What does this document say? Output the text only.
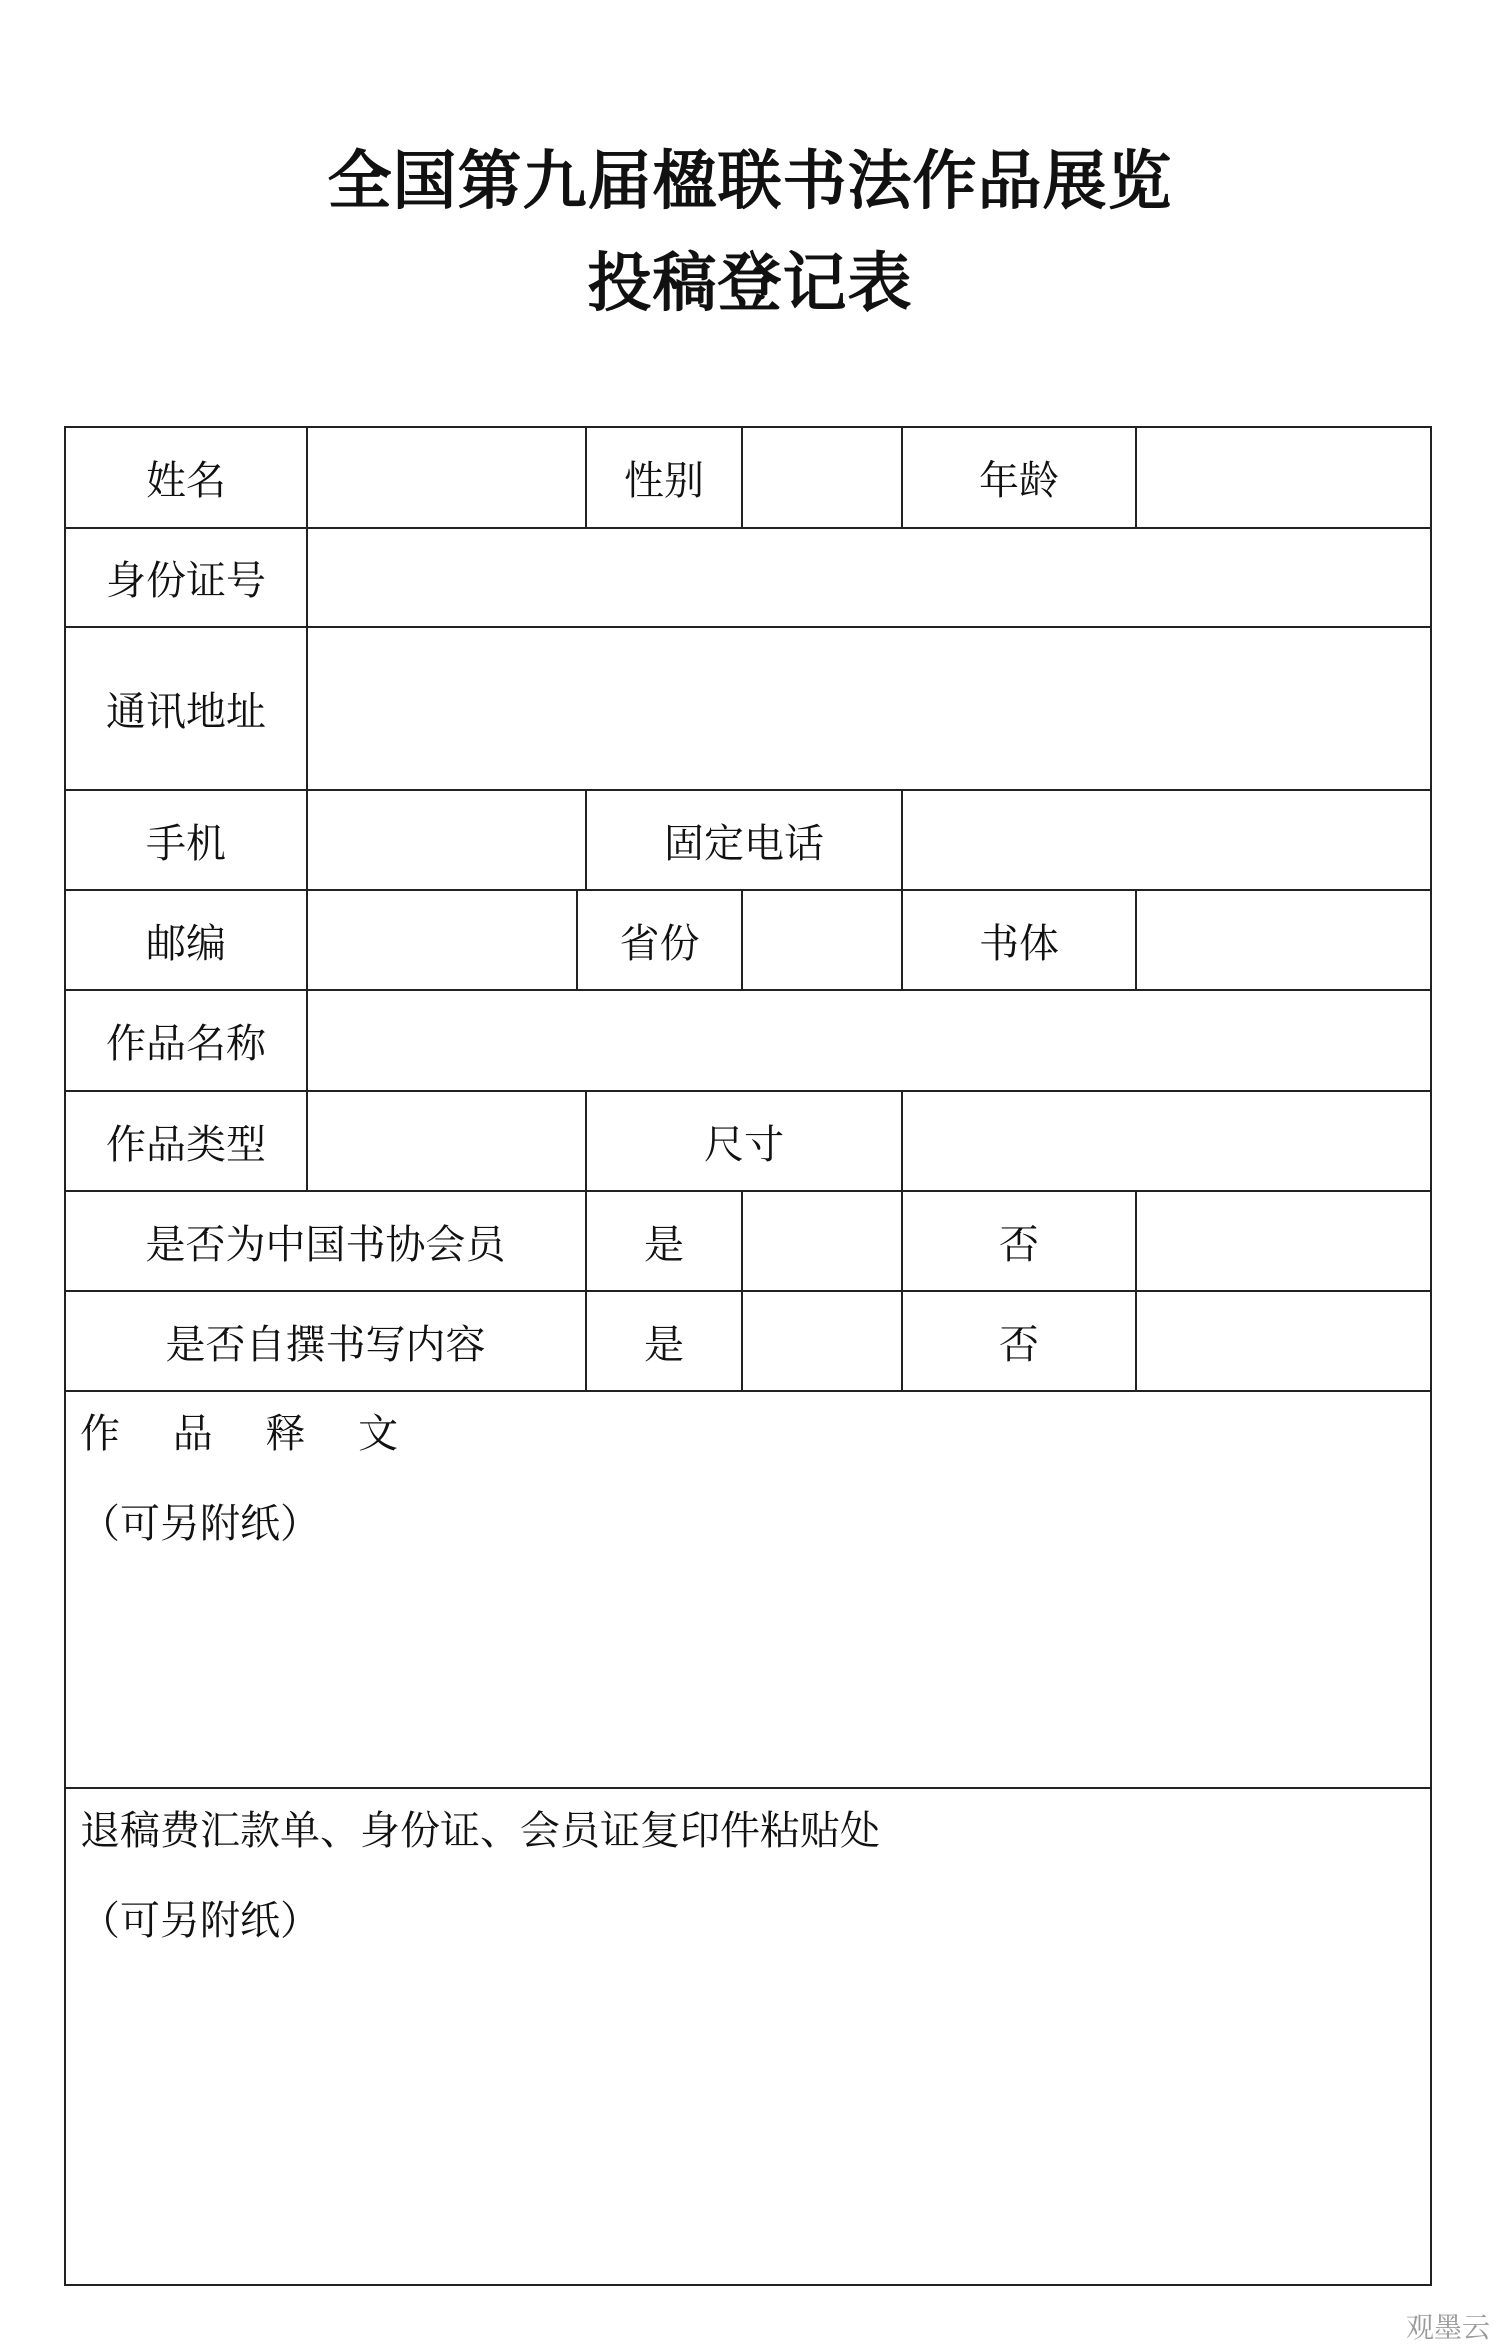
全国第九届楹联书法作品展览
投稿登记表
姓名			性别		年龄	
身份证号						
通讯地址						
手机			固定电话			
邮编		省份			书体	
作品名称						
作品类型			尺寸			
是否为中国书协会员			是		否	
是否自撰书写内容			是		否	

作 品 释 文
（可另附纸）						

退稿费汇款单、身份证、会员证复印件粘贴处
（可另附纸）						
观墨云
